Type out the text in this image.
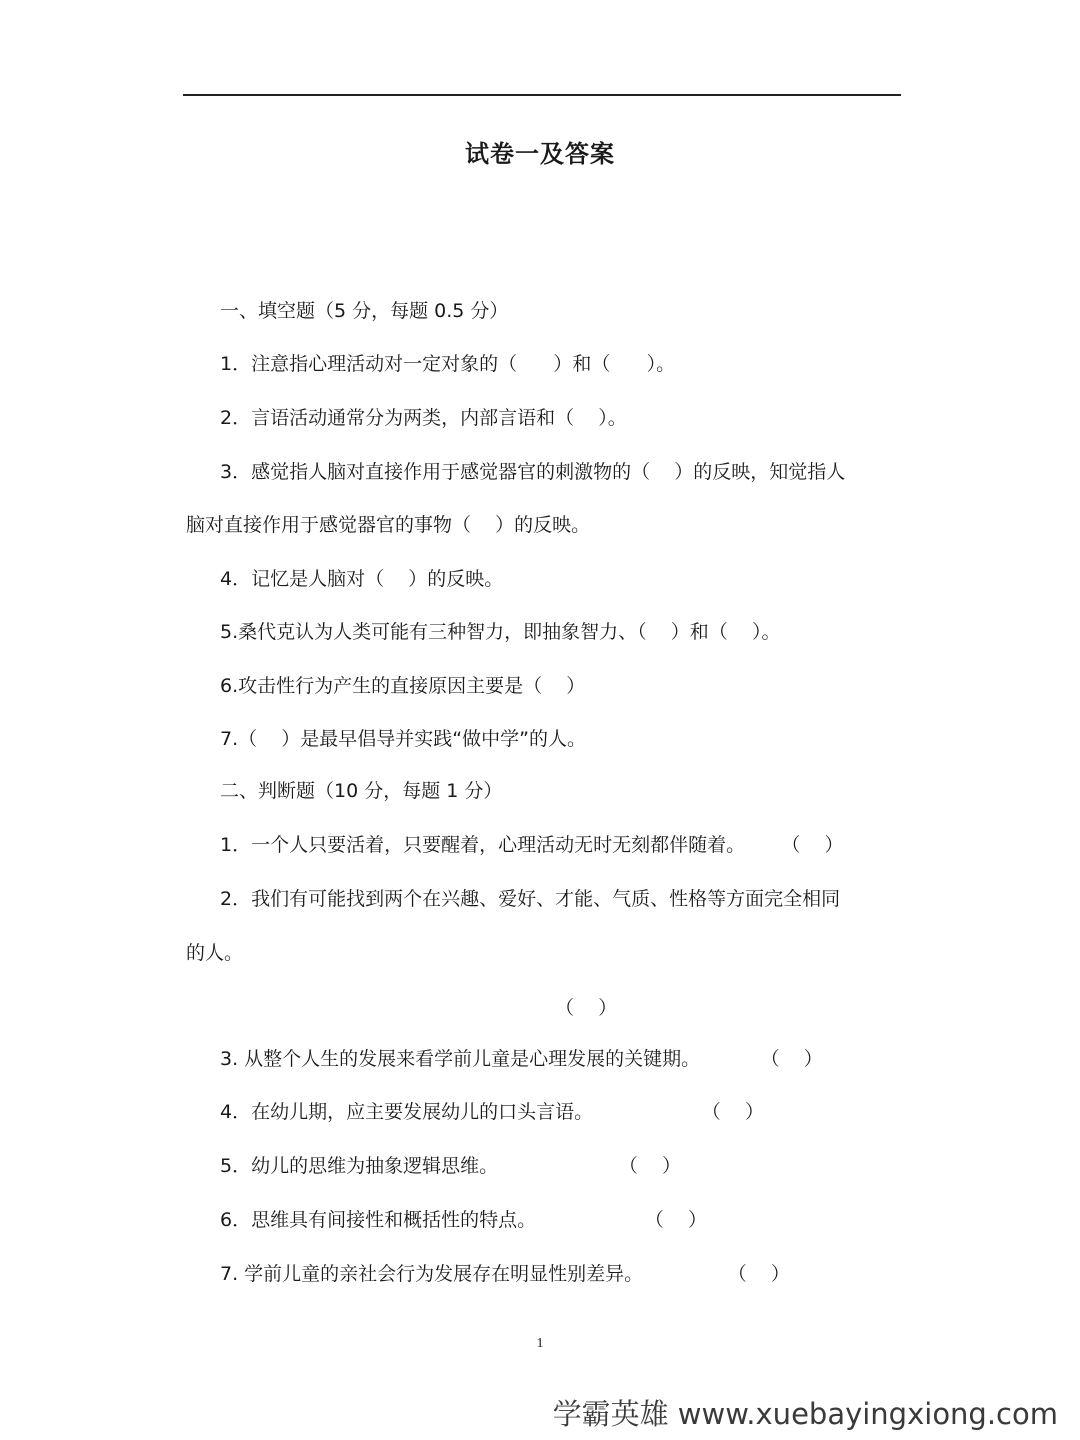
试卷一及答案
一、填空题（5 分，每题 0.5 分）
1．注意指心理活动对一定对象的（      ）和（      ）。
2．言语活动通常分为两类，内部言语和（    ）。
3．感觉指人脑对直接作用于感觉器官的刺激物的（    ）的反映，知觉指人
脑对直接作用于感觉器官的事物（    ）的反映。
4．记忆是人脑对（    ）的反映。
5.桑代克认为人类可能有三种智力，即抽象智力、（    ）和（    ）。
6.攻击性行为产生的直接原因主要是（    ）
7.（    ）是最早倡导并实践“做中学”的人。
二、判断题（10 分，每题 1 分）
1．一个人只要活着，只要醒着，心理活动无时无刻都伴随着。      （    ）
2．我们有可能找到两个在兴趣、爱好、才能、气质、性格等方面完全相同
的人。
（    ）
3. 从整个人生的发展来看学前儿童是心理发展的关键期。          （    ）
4．在幼儿期，应主要发展幼儿的口头言语。                  （    ）
5．幼儿的思维为抽象逻辑思维。                    （    ）
6．思维具有间接性和概括性的特点。                  （    ）
7. 学前儿童的亲社会行为发展存在明显性别差异。              （    ）
1
学霸英雄 www.xuebayingxiong.com
